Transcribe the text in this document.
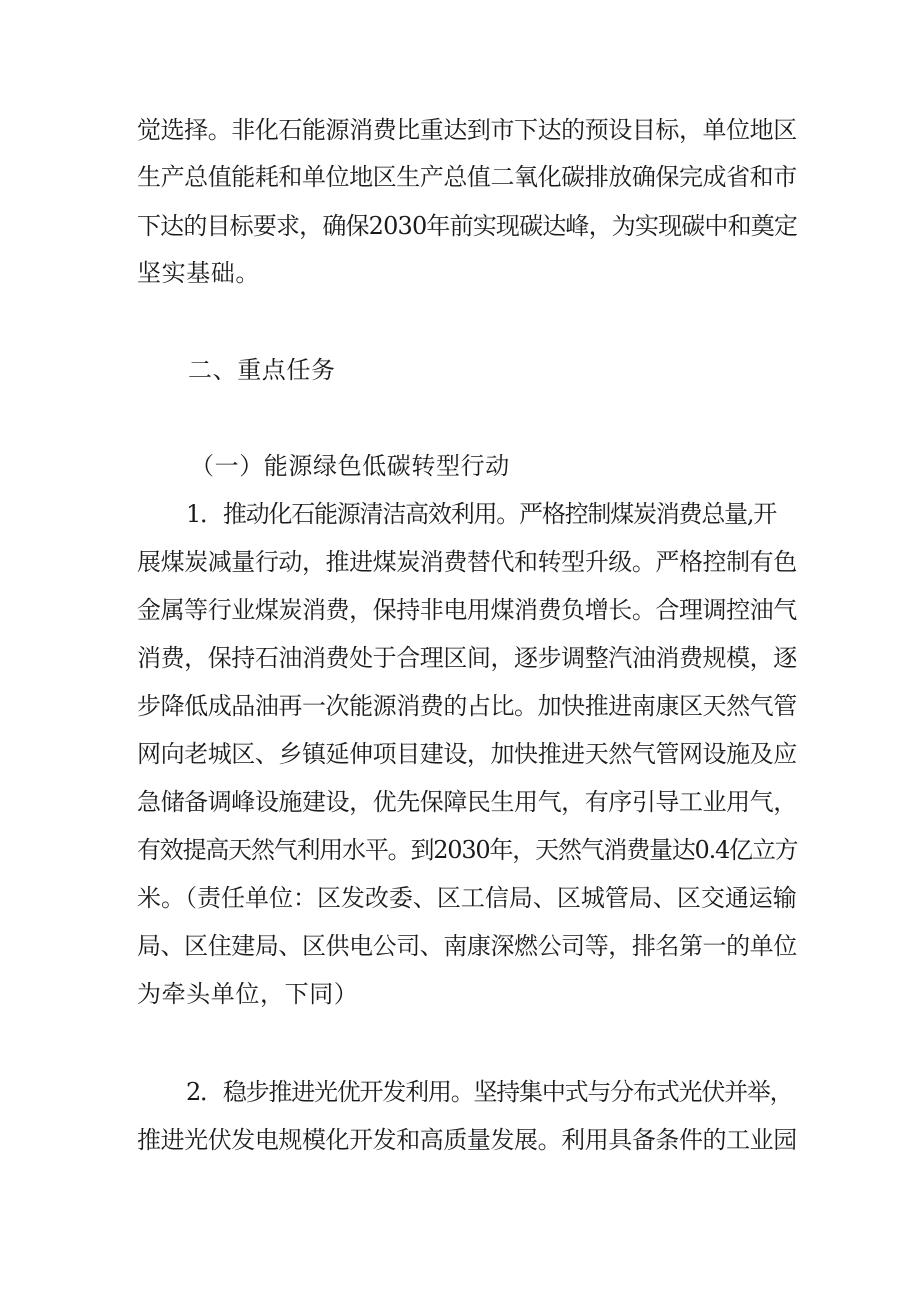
觉选择。非化石能源消费比重达到市下达的预设目标，单位地区
生产总值能耗和单位地区生产总值二氧化碳排放确保完成省和市
下达的目标要求，确保2030年前实现碳达峰，为实现碳中和奠定
坚实基础。
二、重点任务
（一）能源绿色低碳转型行动
1．推动化石能源清洁高效利用。严格控制煤炭消费总量,开
展煤炭减量行动，推进煤炭消费替代和转型升级。严格控制有色
金属等行业煤炭消费，保持非电用煤消费负增长。合理调控油气
消费，保持石油消费处于合理区间，逐步调整汽油消费规模，逐
步降低成品油再一次能源消费的占比。加快推进南康区天然气管
网向老城区、乡镇延伸项目建设，加快推进天然气管网设施及应
急储备调峰设施建设，优先保障民生用气，有序引导工业用气，
有效提高天然气利用水平。到2030年，天然气消费量达0.4亿立方
米。（责任单位：区发改委、区工信局、区城管局、区交通运输
局、区住建局、区供电公司、南康深燃公司等，排名第一的单位
为牵头单位，下同）
2．稳步推进光优开发利用。坚持集中式与分布式光伏并举，
推进光伏发电规模化开发和高质量发展。利用具备条件的工业园
